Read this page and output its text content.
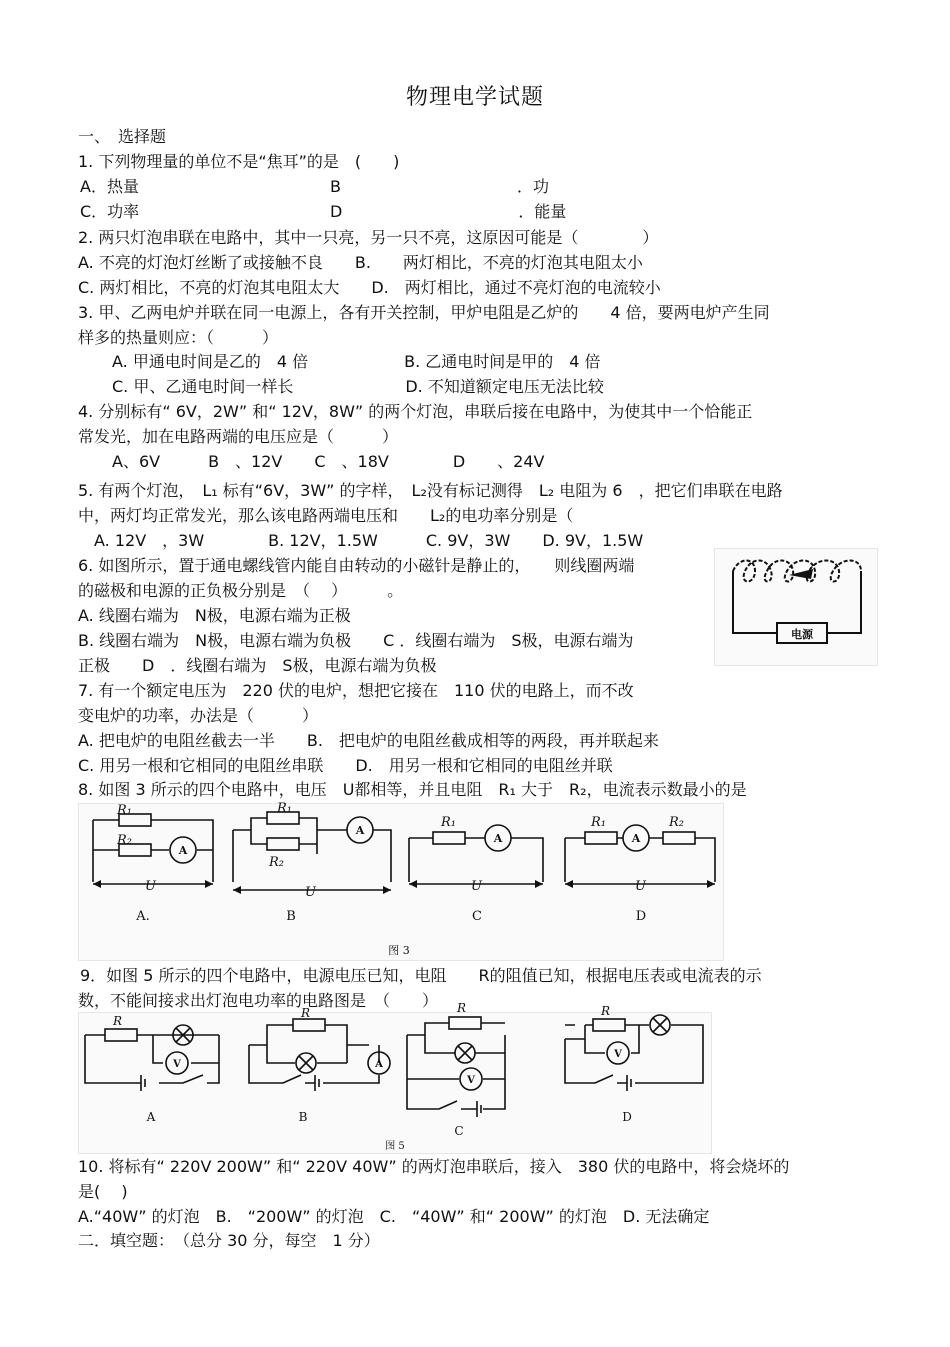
物理电学试题
一、　选择题
1. 下列物理量的单位不是“焦耳”的是　(　　)
A．热量	B　　　　　　　　　　　．功
C．功率	D　　　　　　　　　　　．能量
2. 两只灯泡串联在电路中，其中一只亮，另一只不亮，这原因可能是（　　　　）
A. 不亮的灯泡灯丝断了或接触不良　　B.　　两灯相比，不亮的灯泡其电阻太小
C. 两灯相比，不亮的灯泡其电阻太大　　D.　两灯相比，通过不亮灯泡的电流较小
3. 甲、乙两电炉并联在同一电源上，各有开关控制，甲炉电阻是乙炉的　　4 倍，要两电炉产生同
样多的热量则应：（　　　）
A. 甲通电时间是乙的　4 倍　　　　　　B. 乙通电时间是甲的　4 倍
C. 甲、乙通电时间一样长　　　　　　　D. 不知道额定电压无法比较
4. 分别标有“ 6V，2W” 和“ 12V，8W” 的两个灯泡，串联后接在电路中，为使其中一个恰能正
常发光，加在电路两端的电压应是（　　　）
A、6V　　　B　、12V　　C　、18V　　　　D　　、24V
5. 有两个灯泡，　L₁ 标有“6V，3W” 的字样，　L₂没有标记测得　L₂ 电阻为 6　，把它们串联在电路
中，两灯均正常发光，那么该电路两端电压和　　L₂的电功率分别是（
　A. 12V　，3W　　　　B. 12V，1.5W　　　C. 9V，3W　　D. 9V，1.5W
6. 如图所示，置于通电螺线管内能自由转动的小磁针是静止的，　　则线圈两端
的磁极和电源的正负极分别是　（　 ）　　　。
A. 线圈右端为　N极，电源右端为正极
B. 线圈右端为　N极，电源右端为负极　　C ．线圈右端为　S极，电源右端为
正极　　D　．线圈右端为　S极，电源右端为负极
电源
7. 有一个额定电压为　220 伏的电炉，想把它接在　110 伏的电路上，而不改
变电炉的功率，办法是（　　　）
A. 把电炉的电阻丝截去一半　　B.　把电炉的电阻丝截成相等的两段，再并联起来
C. 用另一根和它相同的电阻丝串联　　D.　用另一根和它相同的电阻丝并联
8. 如图 3 所示的四个电路中，电压　U都相等，并且电阻　R₁ 大于　R₂，电流表示数最小的是
R₁
R₂
R₁
R₂
R₁	R₁	R₂
U	U	U	U
A
A
A	A
A.	B	C	D
图 3
9．如图 5 所示的四个电路中，电源电压已知，电阻　　R的阻值已知，根据电压表或电流表的示
数，不能间接求出灯泡电功率的电路图是　（　　）
R
R	R	R
V	A
V
V
A	B
C
D
图 5
10. 将标有“ 220V 200W” 和“ 220V 40W” 的两灯泡串联后，接入　380 伏的电路中，将会烧坏的
是(　 )
A.“40W” 的灯泡　B.　“200W” 的灯泡　C.　“40W” 和“ 200W” 的灯泡　D. 无法确定
二．填空题：　（总分 30 分，每空　1 分）
